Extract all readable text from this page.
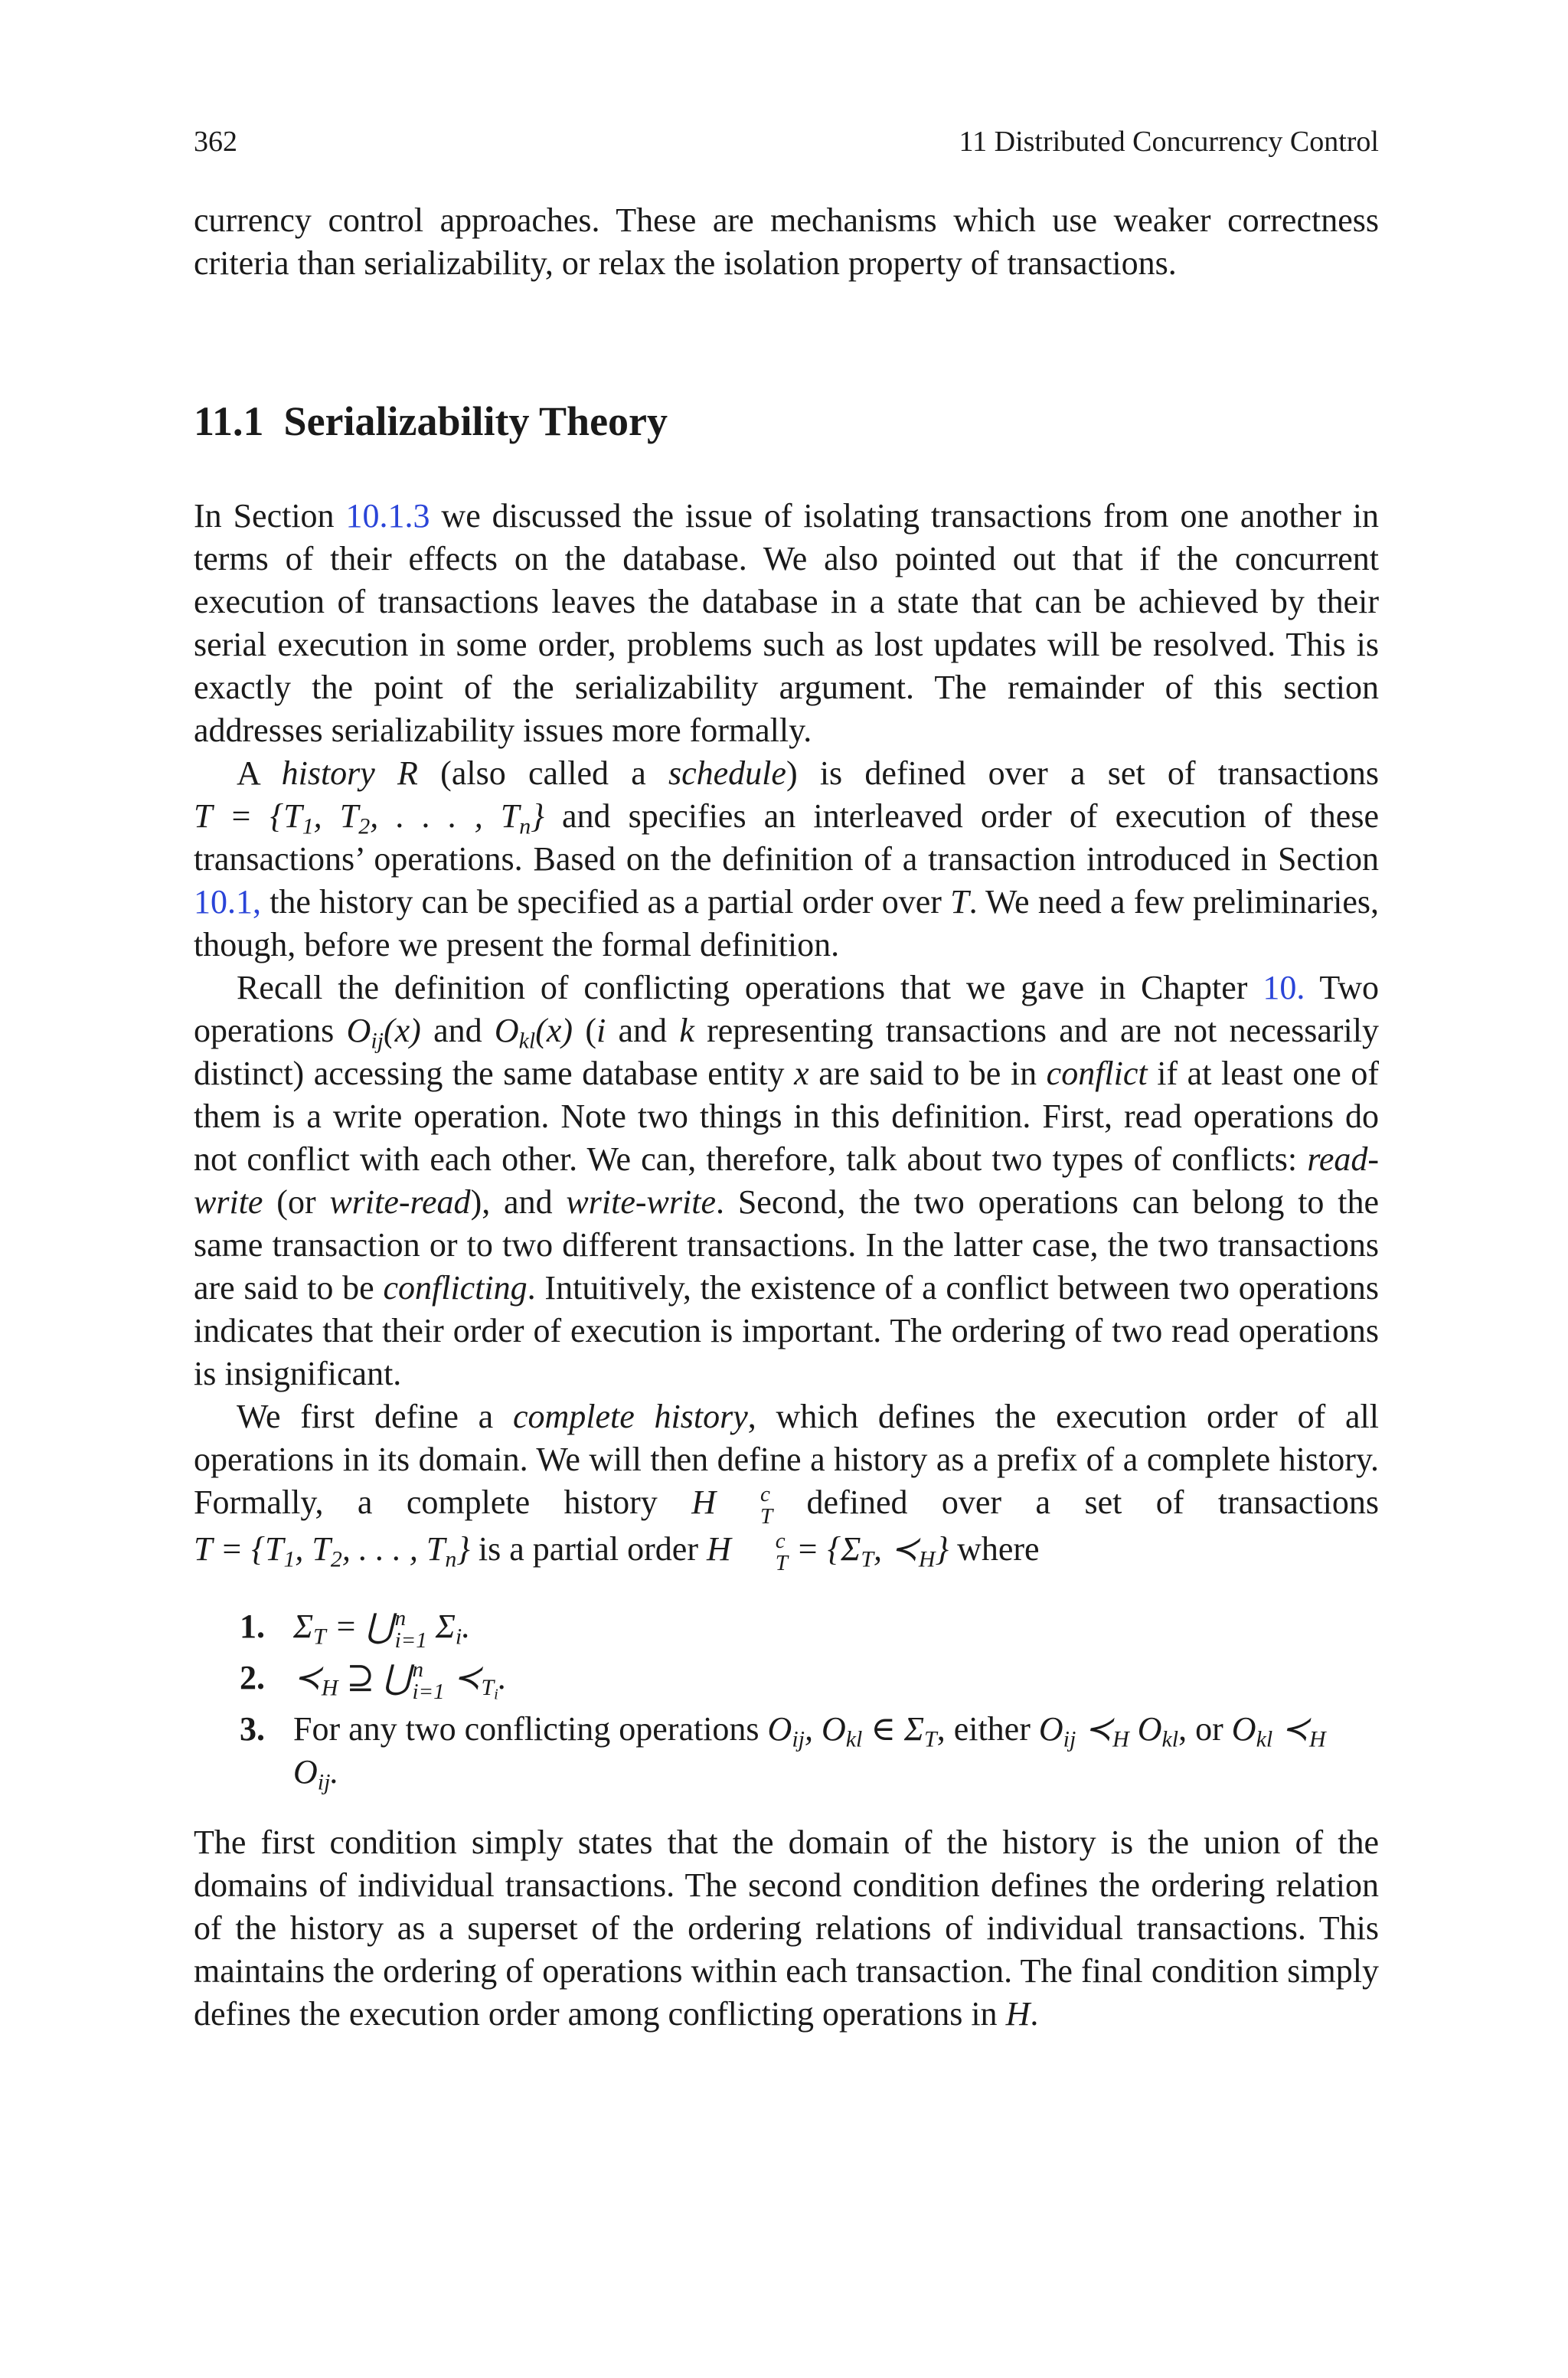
362	11 Distributed Concurrency Control

currency control approaches. These are mechanisms which use weaker correctness criteria than serializability, or relax the isolation property of transactions.

11.1 Serializability Theory

In Section 10.1.3 we discussed the issue of isolating transactions from one another in terms of their effects on the database. We also pointed out that if the concurrent execution of transactions leaves the database in a state that can be achieved by their serial execution in some order, problems such as lost updates will be resolved. This is exactly the point of the serializability argument. The remainder of this section addresses serializability issues more formally.

A history R (also called a schedule) is defined over a set of transactions $T = \{T_1$, $T_2$, . . . , $T_n$} and specifies an interleaved order of execution of these transactions’ operations. Based on the definition of a transaction introduced in Section 10.1, the history can be specified as a partial order over T. We need a few preliminaries, though, before we present the formal definition.

Recall the definition of conflicting operations that we gave in Chapter 10. Two operations $O_{ij}(x)$ and $O_{kl}(x)$ (i and k representing transactions and are not necessarily distinct) accessing the same database entity x are said to be in conflict if at least one of them is a write operation. Note two things in this definition. First, read operations do not conflict with each other. We can, therefore, talk about two types of conflicts: read-write (or write-read), and write-write. Second, the two operations can belong to the same transaction or to two different transactions. In the latter case, the two transactions are said to be conflicting. Intuitively, the existence of a conflict between two operations indicates that their order of execution is important. The ordering of two read operations is insignificant.

We first define a complete history, which defines the execution order of all operations in its domain. We will then define a history as a prefix of a complete history. Formally, a complete history H	c
T defined over a set of transactions $T = \{T_1$, $T_2$, . . . , $T_n$} is a partial order H	c
$T = \{\Sigma_T$, $≺_H$} where

1. $\Sigma_T$ = ⋃ n
i=1 $\Sigma_i$.
2. $≺_H$ ⊇ ⋃ n
i=1 $≺_{T_i}$.
3. For any two conflicting operations $O_{ij}$, $O_{kl}$ ∈ $\Sigma_T$, either $O_{ij}$ $≺_H$ $O_{kl}$, or $O_{kl}$ $≺_H$
$O_{ij}$.

The first condition simply states that the domain of the history is the union of the domains of individual transactions. The second condition defines the ordering relation of the history as a superset of the ordering relations of individual transactions. This maintains the ordering of operations within each transaction. The final condition simply defines the execution order among conflicting operations in H.
